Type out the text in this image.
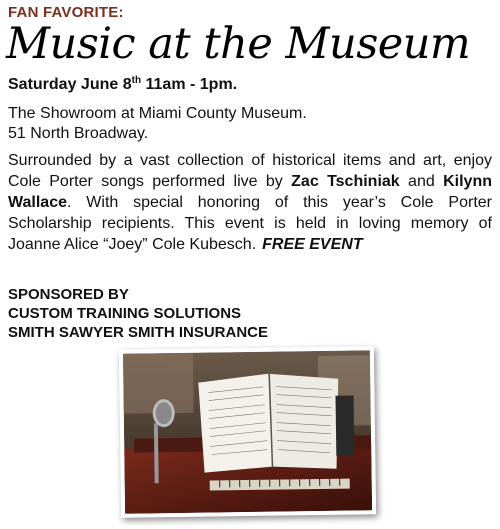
FAN FAVORITE:
Music at the Museum
Saturday June 8th 11am - 1pm.
The Showroom at Miami County Museum.
51 North Broadway.
Surrounded by a vast collection of historical items and art, enjoy Cole Porter songs performed live by Zac Tschiniak and Kilynn Wallace. With special honoring of this year’s Cole Porter Scholarship recipients. This event is held in loving memory of Joanne Alice “Joey” Cole Kubesch. FREE EVENT
SPONSORED BY
CUSTOM TRAINING SOLUTIONS
SMITH SAWYER SMITH INSURANCE
